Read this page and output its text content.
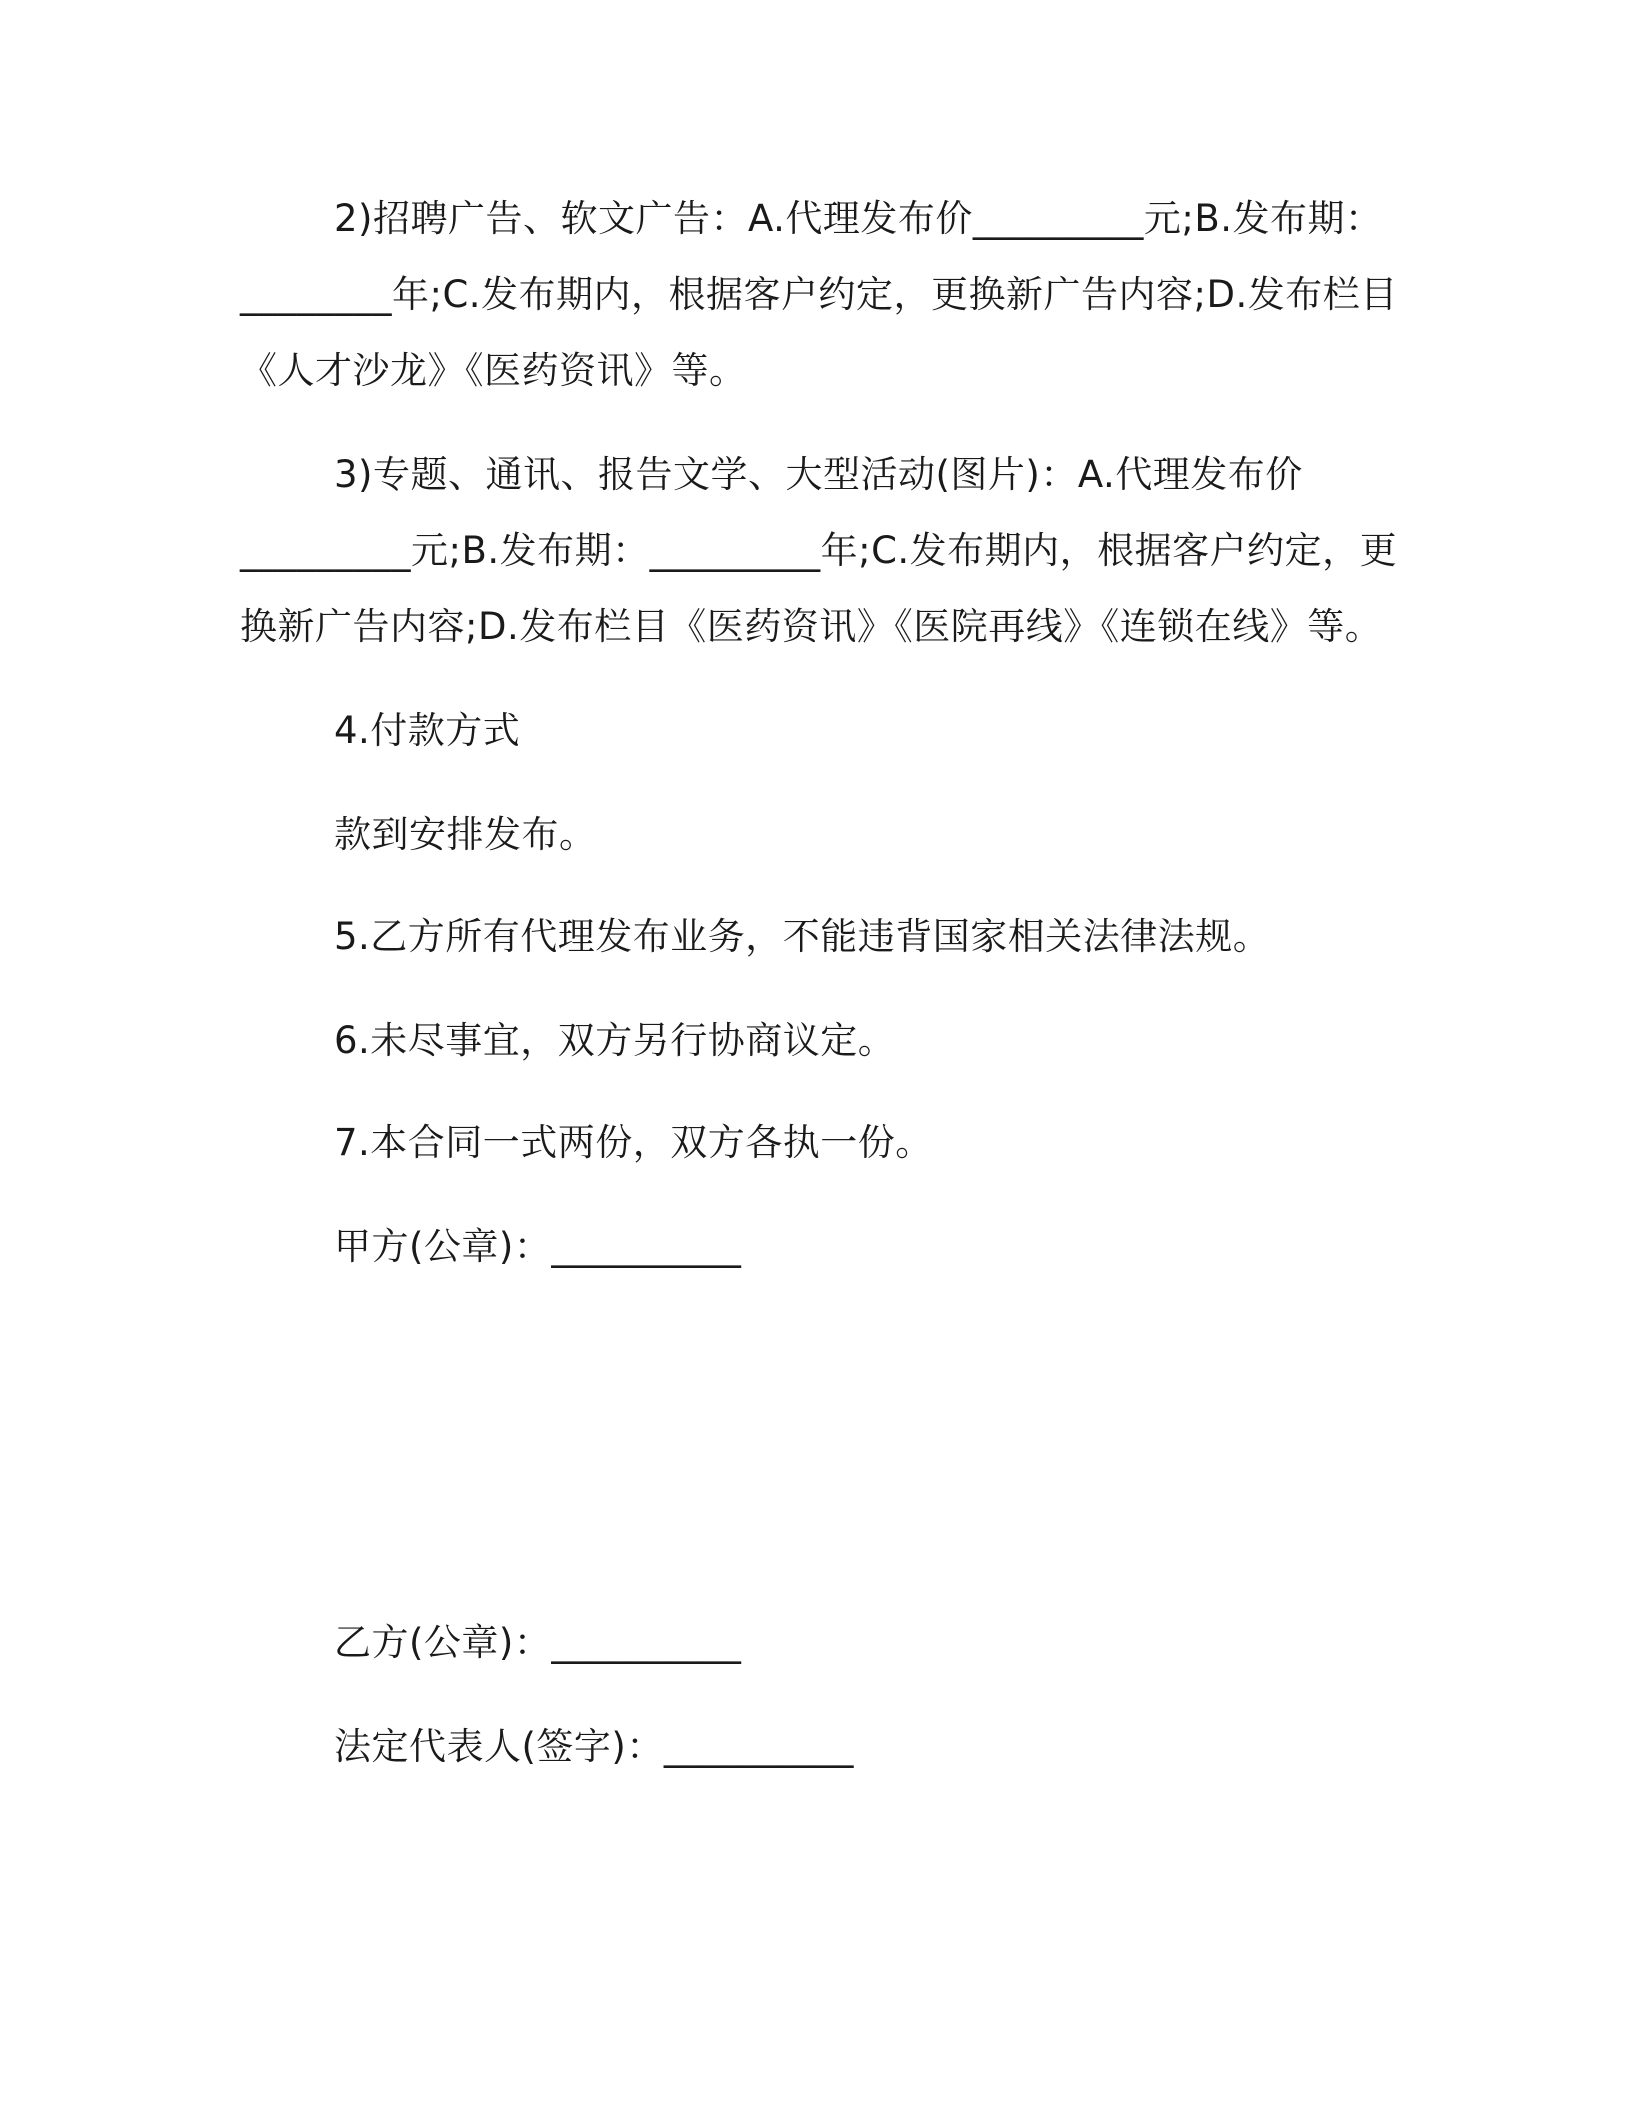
2)招聘广告、软文广告：A.代理发布价_________元;B.发布期：
________年;C.发布期内，根据客户约定，更换新广告内容;D.发布栏目
《人才沙龙》《医药资讯》等。
3)专题、通讯、报告文学、大型活动(图片)：A.代理发布价
_________元;B.发布期：_________年;C.发布期内，根据客户约定，更
换新广告内容;D.发布栏目《医药资讯》《医院再线》《连锁在线》等。
4.付款方式
款到安排发布。
5.乙方所有代理发布业务，不能违背国家相关法律法规。
6.未尽事宜，双方另行协商议定。
7.本合同一式两份，双方各执一份。
甲方(公章)：__________
乙方(公章)：__________
法定代表人(签字)：__________
